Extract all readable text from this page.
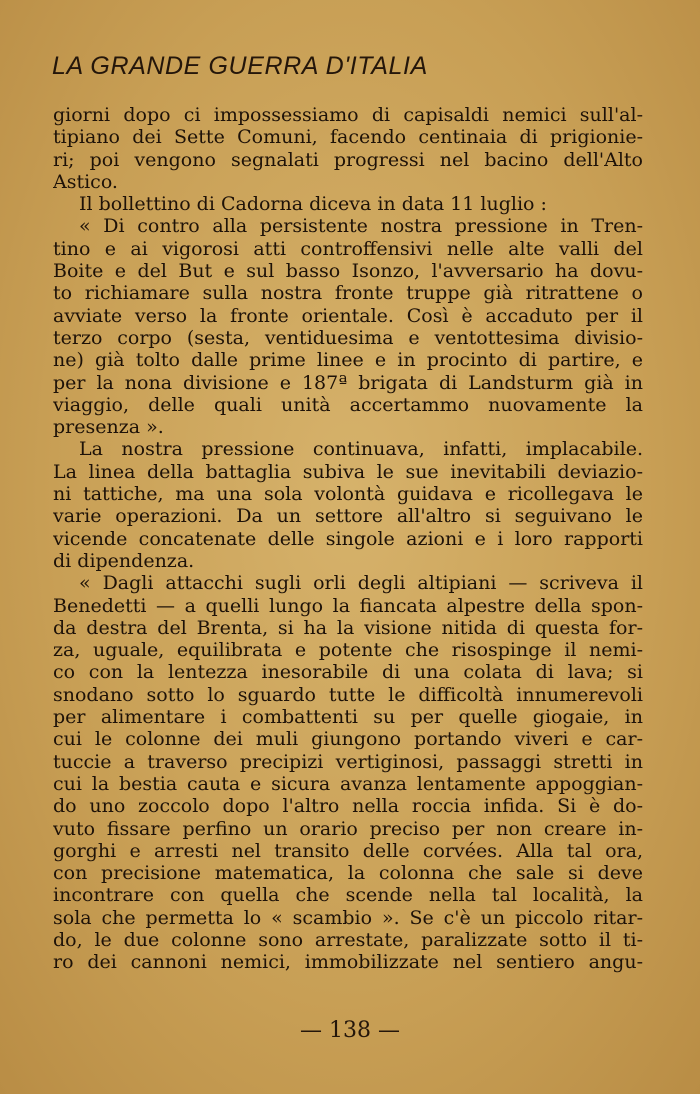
LA GRANDE GUERRA D'ITALIA
giorni dopo ci impossessiamo di capisaldi nemici sull'al-
tipiano dei Sette Comuni, facendo centinaia di prigionie-
ri; poi vengono segnalati progressi nel bacino dell'Alto
Astico.
Il bollettino di Cadorna diceva in data 11 luglio :
« Di contro alla persistente nostra pressione in Tren-
tino e ai vigorosi atti controffensivi nelle alte valli del
Boite e del But e sul basso Isonzo, l'avversario ha dovu-
to richiamare sulla nostra fronte truppe già ritrattene o
avviate verso la fronte orientale. Così è accaduto per il
terzo corpo (sesta, ventiduesima e ventottesima divisio-
ne) già tolto dalle prime linee e in procinto di partire, e
per la nona divisione e 187ª brigata di Landsturm già in
viaggio, delle quali unità accertammo nuovamente la
presenza ».
La nostra pressione continuava, infatti, implacabile.
La linea della battaglia subiva le sue inevitabili deviazio-
ni tattiche, ma una sola volontà guidava e ricollegava le
varie operazioni. Da un settore all'altro si seguivano le
vicende concatenate delle singole azioni e i loro rapporti
di dipendenza.
« Dagli attacchi sugli orli degli altipiani — scriveva il
Benedetti — a quelli lungo la fiancata alpestre della spon-
da destra del Brenta, si ha la visione nitida di questa for-
za, uguale, equilibrata e potente che risospinge il nemi-
co con la lentezza inesorabile di una colata di lava; si
snodano sotto lo sguardo tutte le difficoltà innumerevoli
per alimentare i combattenti su per quelle giogaie, in
cui le colonne dei muli giungono portando viveri e car-
tuccie a traverso precipizi vertiginosi, passaggi stretti in
cui la bestia cauta e sicura avanza lentamente appoggian-
do uno zoccolo dopo l'altro nella roccia infida. Si è do-
vuto fissare perfino un orario preciso per non creare in-
gorghi e arresti nel transito delle corvées. Alla tal ora,
con precisione matematica, la colonna che sale si deve
incontrare con quella che scende nella tal località, la
sola che permetta lo « scambio ». Se c'è un piccolo ritar-
do, le due colonne sono arrestate, paralizzate sotto il ti-
ro dei cannoni nemici, immobilizzate nel sentiero angu-
— 138 —
